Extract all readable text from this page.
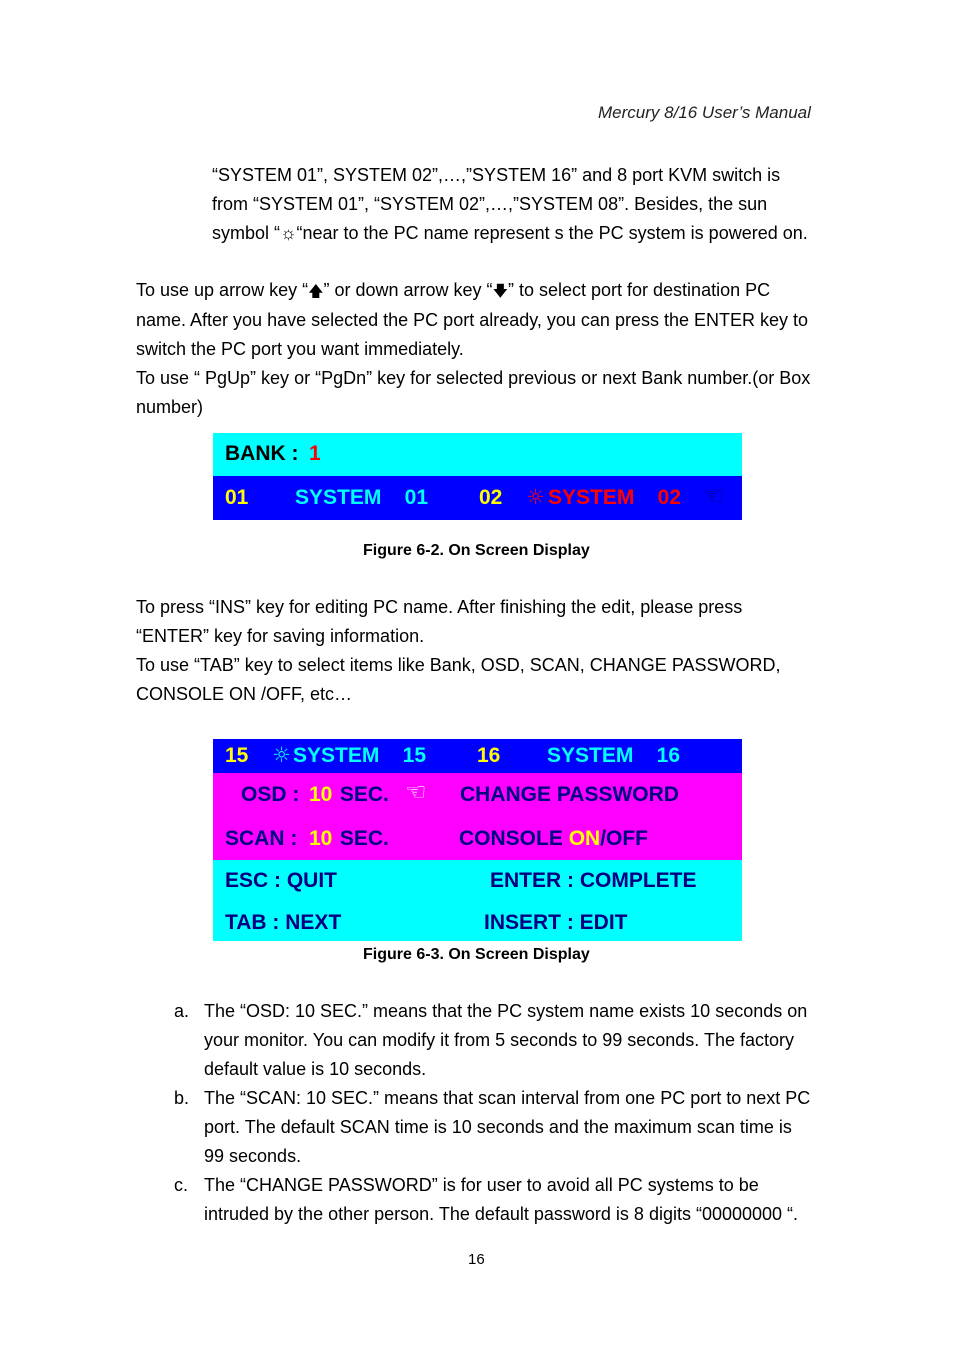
Mercury 8/16 User’s Manual
“SYSTEM 01”, SYSTEM 02”,…,”SYSTEM 16” and 8 port KVM switch is
from “SYSTEM 01”, “SYSTEM 02”,…,”SYSTEM 08”. Besides, the sun
symbol “☼“near to the PC name represent s the PC system is powered on.
To use up arrow key “🡅” or down arrow key “🡇” to select port for destination PC
name. After you have selected the PC port already, you can press the ENTER key to
switch the PC port you want immediately.
To use “ PgUp” key or “PgDn” key for selected previous or next Bank number.(or Box
number)
BANK : 1
01 SYSTEM    01 02 ☼ SYSTEM    02 ☜
Figure 6-2. On Screen Display
To press “INS” key for editing PC name. After finishing the edit, please press
“ENTER” key for saving information.
To use “TAB” key to select items like Bank, OSD, SCAN, CHANGE PASSWORD,
CONSOLE ON /OFF, etc…
15 ☼ SYSTEM    15 16 SYSTEM    16
OSD : 10 SEC. ☜ CHANGE PASSWORD
SCAN : 10 SEC.	CONSOLE ON/OFF
ESC : QUIT	ENTER : COMPLETE
TAB : NEXT	INSERT : EDIT
Figure 6-3. On Screen Display
a. The “OSD: 10 SEC.” means that the PC system name exists 10 seconds on
your monitor. You can modify it from 5 seconds to 99 seconds. The factory
default value is 10 seconds.
b. The “SCAN: 10 SEC.” means that scan interval from one PC port to next PC
port. The default SCAN time is 10 seconds and the maximum scan time is
99 seconds.
c. The “CHANGE PASSWORD” is for user to avoid all PC systems to be
intruded by the other person. The default password is 8 digits “00000000 “.
16
